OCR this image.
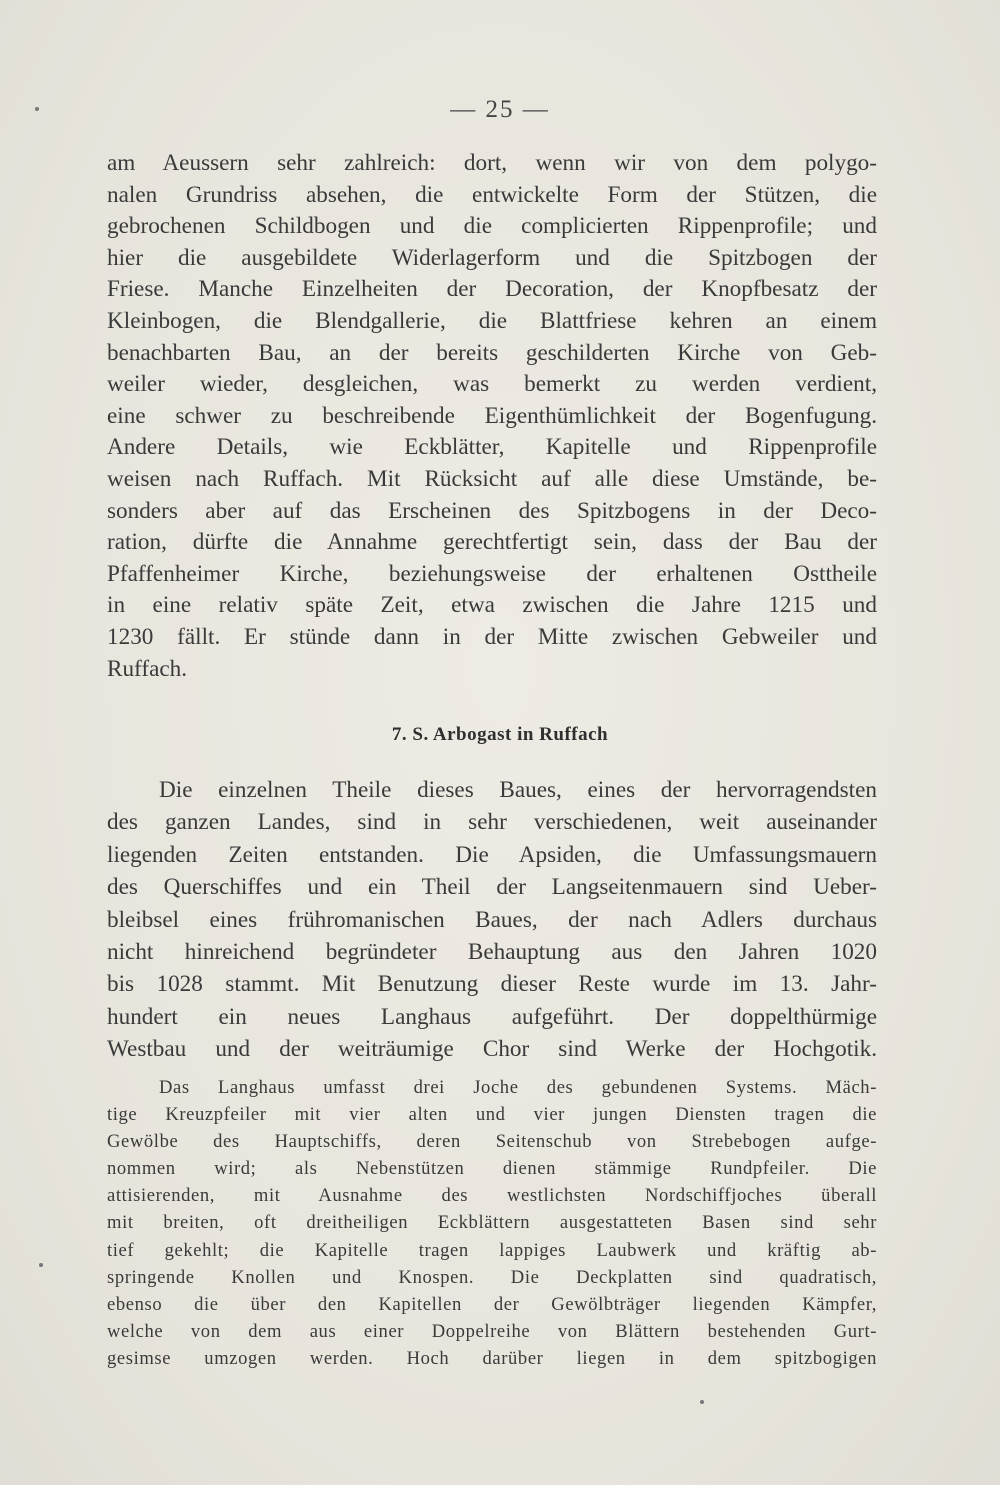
— 25 —
am Aeussern sehr zahlreich: dort, wenn wir von dem polygo-
nalen Grundriss absehen, die entwickelte Form der Stützen, die
gebrochenen Schildbogen und die complicierten Rippenprofile; und
hier die ausgebildete Widerlagerform und die Spitzbogen der
Friese. Manche Einzelheiten der Decoration, der Knopfbesatz der
Kleinbogen, die Blendgallerie, die Blattfriese kehren an einem
benachbarten Bau, an der bereits geschilderten Kirche von Geb-
weiler wieder, desgleichen, was bemerkt zu werden verdient,
eine schwer zu beschreibende Eigenthümlichkeit der Bogenfugung.
Andere Details, wie Eckblätter, Kapitelle und Rippenprofile
weisen nach Ruffach. Mit Rücksicht auf alle diese Umstände, be-
sonders aber auf das Erscheinen des Spitzbogens in der Deco-
ration, dürfte die Annahme gerechtfertigt sein, dass der Bau der
Pfaffenheimer Kirche, beziehungsweise der erhaltenen Osttheile
in eine relativ späte Zeit, etwa zwischen die Jahre 1215 und
1230 fällt. Er stünde dann in der Mitte zwischen Gebweiler und
Ruffach.
7. S. Arbogast in Ruffach
Die einzelnen Theile dieses Baues, eines der hervorragendsten
des ganzen Landes, sind in sehr verschiedenen, weit auseinander
liegenden Zeiten entstanden. Die Apsiden, die Umfassungsmauern
des Querschiffes und ein Theil der Langseitenmauern sind Ueber-
bleibsel eines frühromanischen Baues, der nach Adlers durchaus
nicht hinreichend begründeter Behauptung aus den Jahren 1020
bis 1028 stammt. Mit Benutzung dieser Reste wurde im 13. Jahr-
hundert ein neues Langhaus aufgeführt. Der doppelthürmige
Westbau und der weiträumige Chor sind Werke der Hochgotik.
Das Langhaus umfasst drei Joche des gebundenen Systems. Mäch-
tige Kreuzpfeiler mit vier alten und vier jungen Diensten tragen die
Gewölbe des Hauptschiffs, deren Seitenschub von Strebebogen aufge-
nommen wird; als Nebenstützen dienen stämmige Rundpfeiler. Die
attisierenden, mit Ausnahme des westlichsten Nordschiffjoches überall
mit breiten, oft dreitheiligen Eckblättern ausgestatteten Basen sind sehr
tief gekehlt; die Kapitelle tragen lappiges Laubwerk und kräftig ab-
springende Knollen und Knospen. Die Deckplatten sind quadratisch,
ebenso die über den Kapitellen der Gewölbträger liegenden Kämpfer,
welche von dem aus einer Doppelreihe von Blättern bestehenden Gurt-
gesimse umzogen werden. Hoch darüber liegen in dem spitzbogigen
